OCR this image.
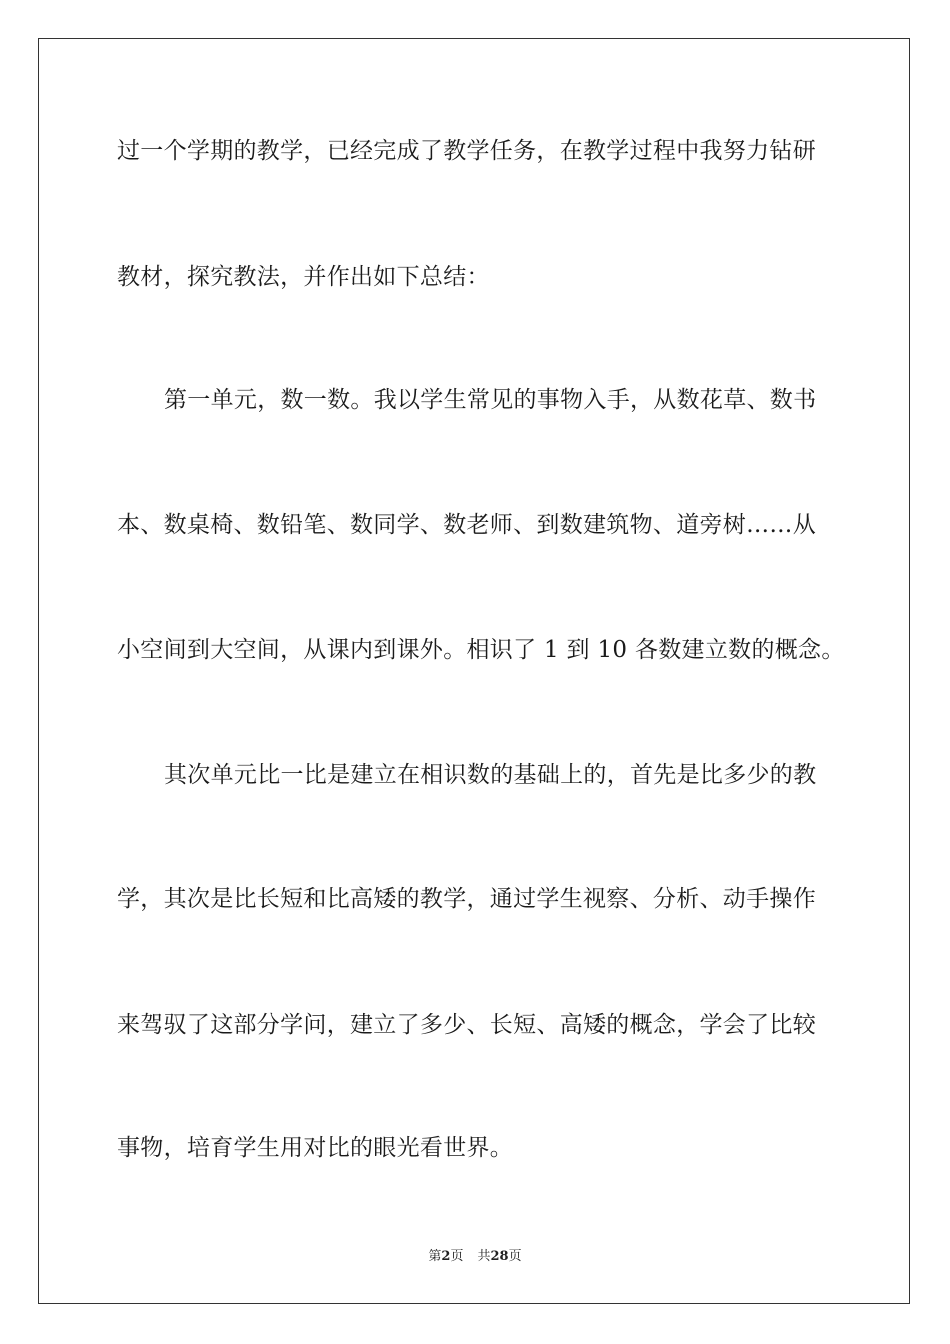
过一个学期的教学，已经完成了教学任务，在教学过程中我努力钻研
教材，探究教法，并作出如下总结：
第一单元，数一数。我以学生常见的事物入手，从数花草、数书
本、数桌椅、数铅笔、数同学、数老师、到数建筑物、道旁树……从
小空间到大空间，从课内到课外。相识了 1 到 10 各数建立数的概念。
其次单元比一比是建立在相识数的基础上的，首先是比多少的教
学，其次是比长短和比高矮的教学，通过学生视察、分析、动手操作
来驾驭了这部分学问，建立了多少、长短、高矮的概念，学会了比较
事物，培育学生用对比的眼光看世界。
第2页 共28页
